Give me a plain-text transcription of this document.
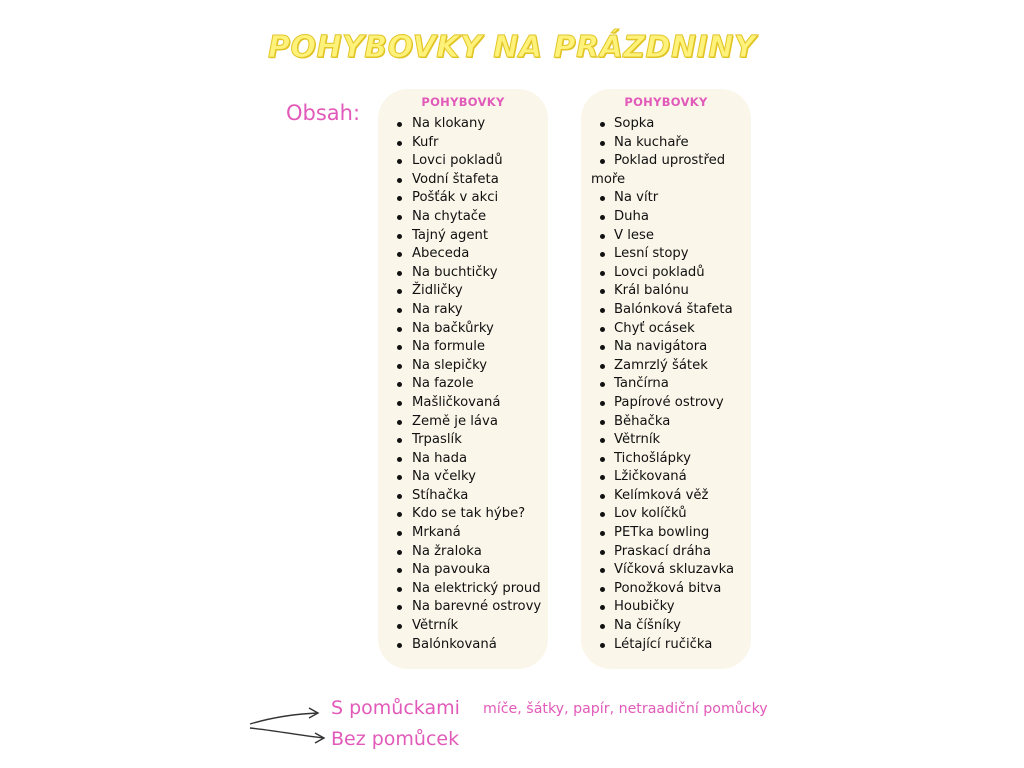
POHYBOVKY NA PRÁZDNINY
Obsah:	POHYBOVKY
Na klokany
Kufr
Lovci pokladů
Vodní štafeta
Pošťák v akci
Na chytače
Tajný agent
Abeceda
Na buchtičky
Židličky
Na raky
Na bačkůrky
Na formule
Na slepičky
Na fazole
Mašličkovaná
Země je láva
Trpaslík
Na hada
Na včelky
Stíhačka
Kdo se tak hýbe?
Mrkaná
Na žraloka
Na pavouka
Na elektrický proud
Na barevné ostrovy
Větrník
Balónkovaná
POHYBOVKY
Sopka
Na kuchaře
Poklad uprostřed
moře
Na vítr
Duha
V lese
Lesní stopy
Lovci pokladů
Král balónu
Balónková štafeta
Chyť ocásek
Na navigátora
Zamrzlý šátek
Tančírna
Papírové ostrovy
Běhačka
Větrník
Tichošlápky
Lžičkovaná
Kelímková věž
Lov kolíčků
PETka bowling
Praskací dráha
Víčková skluzavka
Ponožková bitva
Houbičky
Na číšníky
Létající ručička
S pomůckami
Bez pomůcek
míče, šátky, papír, netraadiční pomůcky
